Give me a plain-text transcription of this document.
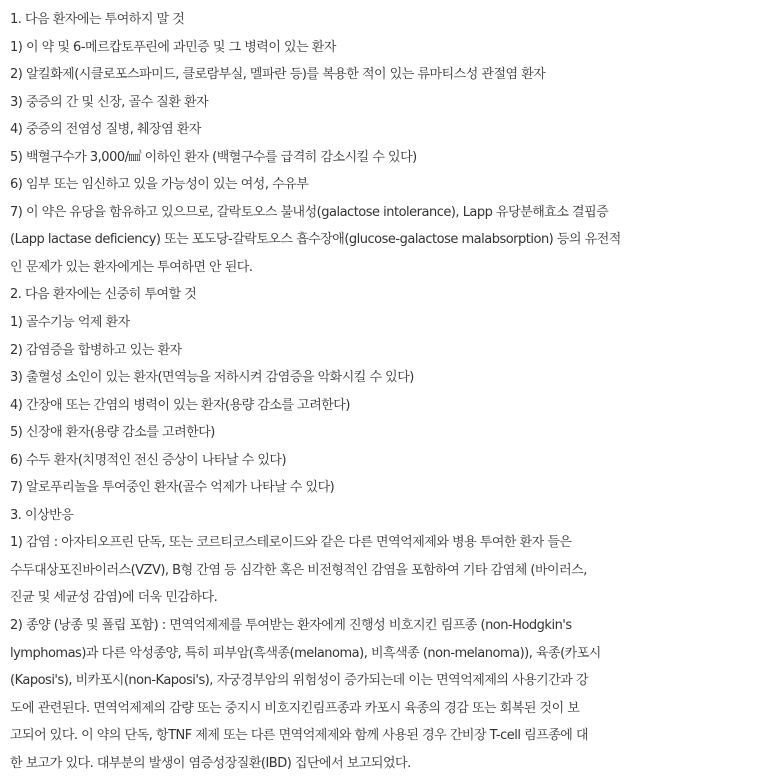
1. 다음 환자에는 투여하지 말 것
1) 이 약 및 6-메르캅토푸린에 과민증 및 그 병력이 있는 환자
2) 알킬화제(시클로포스파미드, 클로람부실, 멜파란 등)를 복용한 적이 있는 류마티스성 관절염 환자
3) 중증의 간 및 신장, 골수 질환 환자
4) 중증의 전염성 질병, 췌장염 환자
5) 백혈구수가 3,000/㎣ 이하인 환자 (백혈구수를 급격히 감소시킬 수 있다)
6) 임부 또는 임신하고 있을 가능성이 있는 여성, 수유부
7) 이 약은 유당을 함유하고 있으므로, 갈락토오스 불내성(galactose intolerance), Lapp 유당분해효소 결핍증
(Lapp lactase deficiency) 또는 포도당-갈락토오스 흡수장애(glucose-galactose malabsorption) 등의 유전적
인 문제가 있는 환자에게는 투여하면 안 된다.
2. 다음 환자에는 신중히 투여할 것
1) 골수기능 억제 환자
2) 감염증을 합병하고 있는 환자
3) 출혈성 소인이 있는 환자(면역능을 저하시켜 감염증을 악화시킬 수 있다)
4) 간장애 또는 간염의 병력이 있는 환자(용량 감소를 고려한다)
5) 신장애 환자(용량 감소를 고려한다)
6) 수두 환자(치명적인 전신 증상이 나타날 수 있다)
7) 알로푸리놀을 투여중인 환자(골수 억제가 나타날 수 있다)
3. 이상반응
1) 감염 : 아자티오프린 단독, 또는 코르티코스테로이드와 같은 다른 면역억제제와 병용 투여한 환자 들은
수두대상포진바이러스(VZV), B형 간염 등 심각한 혹은 비전형적인 감염을 포함하여 기타 감염체 (바이러스,
진균 및 세균성 감염)에 더욱 민감하다.
2) 종양 (낭종 및 폴립 포함) : 면역억제제를 투여받는 환자에게 진행성 비호지킨 림프종 (non-Hodgkin's
lymphomas)과 다른 악성종양, 특히 피부암(흑색종(melanoma), 비흑색종 (non-melanoma)), 육종(카포시
(Kaposi's), 비카포시(non-Kaposi's), 자궁경부암의 위험성이 증가되는데 이는 면역억제제의 사용기간과 강
도에 관련된다. 면역억제제의 감량 또는 중지시 비호지킨림프종과 카포시 육종의 경감 또는 회복된 것이 보
고되어 있다. 이 약의 단독, 항TNF 제제 또는 다른 면역억제제와 함께 사용된 경우 간비장 T-cell 림프종에 대
한 보고가 있다. 대부분의 발생이 염증성장질환(IBD) 집단에서 보고되었다.
